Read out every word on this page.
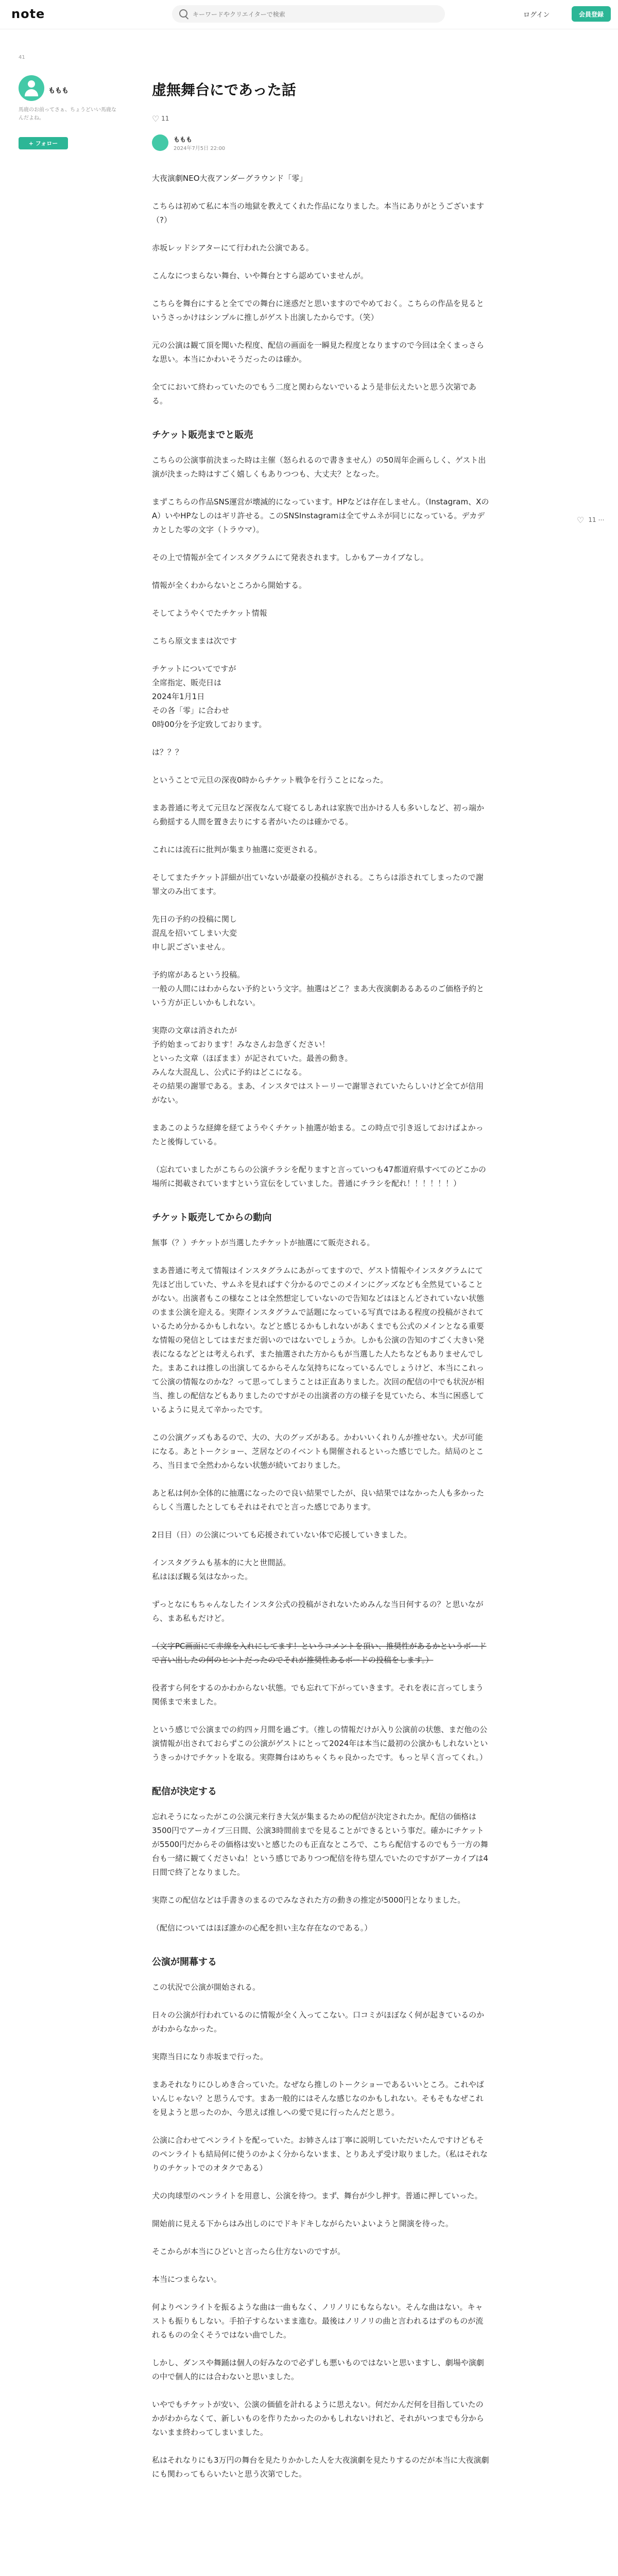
note
キーワードやクリエイターで検索	ログイン	会員登録
41
ももも
馬鹿のお前ってさぁ、ちょうどいい馬鹿なんだよね。
+ フォロー
♡ 11 ⋯
虚無舞台にであった話
♡ 11
ももも
2024年7月5日 22:00

大夜演劇NEO大夜アンダーグラウンド「零」

こちらは初めて私に本当の地獄を教えてくれた作品になりました。本当にありがとうございます（?）

赤坂レッドシアターにて行われた公演である。

こんなにつまらない舞台、いや舞台とすら認めていませんが。

こちらを舞台にすると全てでの舞台に迷惑だと思いますのでやめておく。こちらの作品を見るというさっかけはシンプルに推しがゲスト出演したからです。（笑）

元の公演は観て頂を聞いた程度、配信の画面を一瞬見た程度となりますので今回は全くまっさらな思い。本当にかわいそうだったのは確か。

全てにおいて終わっていたのでもう二度と関わらないでいるよう是非伝えたいと思う次第である。

チケット販売までと販売

こちらの公演事前決まった時は主催（怒られるので書きません）の50周年企画らしく、ゲスト出演が決まった時はすごく嬉しくもありつつも、大丈夫？となった。

まずこちらの作品SNS運営が壊滅的になっています。HPなどは存在しません。（Instagram、XのA）いやHPなしのはギリ許せる。このSNSInstagramは全てサムネが同じになっている。デカデカとした零の文字（トラウマ）。

その上で情報が全てインスタグラムにて発表されます。しかもアーカイブなし。

情報が全くわからないところから開始する。

そしてようやくでたチケット情報

こちら原文ままは次です

チケットについてですが
全席指定、販売日は
2024年1月1日
その各「零」に合わせ
0時00分を予定致しております。

は？？？

ということで元旦の深夜0時からチケット戦争を行うことになった。

まあ普通に考えて元旦など深夜なんて寝てるしあれは家族で出かける人も多いしなど、初っ端から動揺する人間を置き去りにする者がいたのは確かでる。

これには流石に批判が集まり抽選に変更される。

そしてまたチケット詳細が出ていないが最豪の投稿がされる。こちらは添されてしまったので謝罪文のみ出てます。

先日の予約の投稿に関し
混乱を招いてしまい大変
申し訳ございません。

予約席があるという投稿。
一般の人間にはわからない予約という文字。抽選はどこ？まあ大夜演劇あるあるのご価格予約という方が正しいかもしれない。

実際の文章は消されたが
予約始まっております！みなさんお急ぎください！
といった文章（ほぼまま）が記されていた。最善の動き。
みんな大混乱し、公式に予約はどこになる。
その結果の謝罪である。まあ、インスタではストーリーで謝罪されていたらしいけど全てが信用がない。

まあこのような経緯を経てようやくチケット抽選が始まる。この時点で引き返しておけばよかったと後悔している。

（忘れていましたがこちらの公演チラシを配りますと言っていつも47都道府県すべてのどこかの場所に掲載されていますという宣伝をしていました。普通にチラシを配れ！！！！！！）

チケット販売してからの動向

無事（？）チケットが当選したチケットが抽選にて販売される。

まあ普通に考えて情報はインスタグラムにあがってますので、ゲスト情報やインスタグラムにて先ほど出していた、サムネを見ればすぐ分かるのでこのメインにグッズなども全然見ていることがない。出演者もこの様なことは全然想定していないので告知などはほとんどされていない状態のまま公演を迎える。実際インスタグラムで話題になっている写真ではある程度の投稿がされているため分かるかもしれない。などと感じるかもしれないがあくまでも公式のメインとなる重要な情報の発信としてはまだまだ弱いのではないでしょうか。しかも公演の告知のすごく大きい発表になるなどとは考えられず、また抽選された方からもが当選した人たちなどもありませんでした。まあこれは推しの出演してるからそんな気持ちになっているんでしょうけど、本当にこれって公演の情報なのかな？って思ってしまうことは正直ありました。次回の配信の中でも状況が相当、推しの配信などもありましたのですがその出演者の方の様子を見ていたら、本当に困惑しているように見えて辛かったです。

この公演グッズもあるので、大の、大のグッズがある。かわいいくれりんが推せない。犬が可能になる。あとトークショー、芝居などのイベントも開催されるといった感じでした。結局のところ、当日まで全然わからない状態が続いておりました。

あと私は何か全体的に抽選になったので良い結果でしたが、良い結果ではなかった人も多かったらしく当選したとしてもそれはそれでと言った感じであります。

2日目（日）の公演についても応援されていない体で応援していきました。

インスタグラムも基本的に大と世間話。
私はほぼ観る気はなかった。

ずっとなにもちゃんなしたインスタ公式の投稿がされないためみんな当日何するの？と思いながら、まあ私もだけど。

（文字PC画面にて赤線を入れにしてます！というコメントを頂い、推奨性があるかというボードで言い出したの何のヒントだったのでそれが推奨性あるボードの投稿をします。）

役者すら何をするのかわからない状態。でも忘れて下がっていきます。それを表に言ってしまう関係まで来ました。

という感じで公演までの約四ヶ月間を過ごす。（推しの情報だけが入り公演前の状態、まだ他の公演情報が出されておらずこの公演がゲストにとって2024年は本当に最初の公演かもしれないというきっかけでチケットを取る。実際舞台はめちゃくちゃ良かったです。もっと早く言ってくれ。）

配信が決定する

忘れそうになったがこの公演元来行き大気が集まるための配信が決定されたか。配信の価格は3500円でアーカイブ三日間、公演3時間前までを見ることができるという事だ。確かにチケットが5500円だからその価格は安いと感じたのも正直なところで、こちら配信するのでもう一方の舞台も一緒に観てくださいね！という感じでありつつ配信を待ち望んでいたのですがアーカイブは4日間で終了となりました。

実際この配信などは手書きのまるのでみなされた方の動きの推定が5000円となりました。

（配信についてはほぼ誰かの心配を担い主な存在なのである。）

公演が開幕する

この状況で公演が開始される。

日々の公演が行われているのに情報が全く入ってこない。口コミがほぼなく何が起きているのかがわからなかった。

実際当日になり赤坂まで行った。

まあそれなりにひしめき合っていた。なぜなら推しのトークショーであるいいところ。これやばいんじゃない？と思うんです。まあ一般的にはそんな感じなのかもしれない。そもそもなぜこれを見ようと思ったのか、今思えば推しへの愛で見に行ったんだと思う。

公演に合わせてペンライトを配っていた。お姉さんは丁寧に説明していただいたんですけどもそのペンライトも結局何に使うのかよく分からないまま、とりあえず受け取りました。（私はそれなりのチケットでのオタクである）

犬の肉球型のペンライトを用意し、公演を待つ。まず、舞台が少し押す。普通に押していった。

開始前に見える下からはみ出しのにでドキドキしながらたいよいようと開演を待った。

そこからが本当にひどいと言ったら仕方ないのですが。

本当につまらない。

何よりペンライトを振るような曲は一曲もなく、ノリノリにもならない。そんな曲はない。キャストも振りもしない。手拍子すらないまま進む。最後はノリノリの曲と言われるはずのものが流れるものの全くそうではない曲でした。

しかし、ダンスや舞踊は個人の好みなので必ずしも悪いものではないと思いますし、劇場や演劇の中で個人的には合わないと思いました。

いやでもチケットが安い、公演の価値を計れるように思えない。何だかんだ何を目指していたのかがわからなくて、新しいものを作りたかったのかもしれないけれど、それがいつまでも分からないまま終わってしまいました。

私はそれなりにも3万円の舞台を見たりかかした人を大夜演劇を見たりするのだが本当に大夜演劇にも関わってもらいたいと思う次第でした。
